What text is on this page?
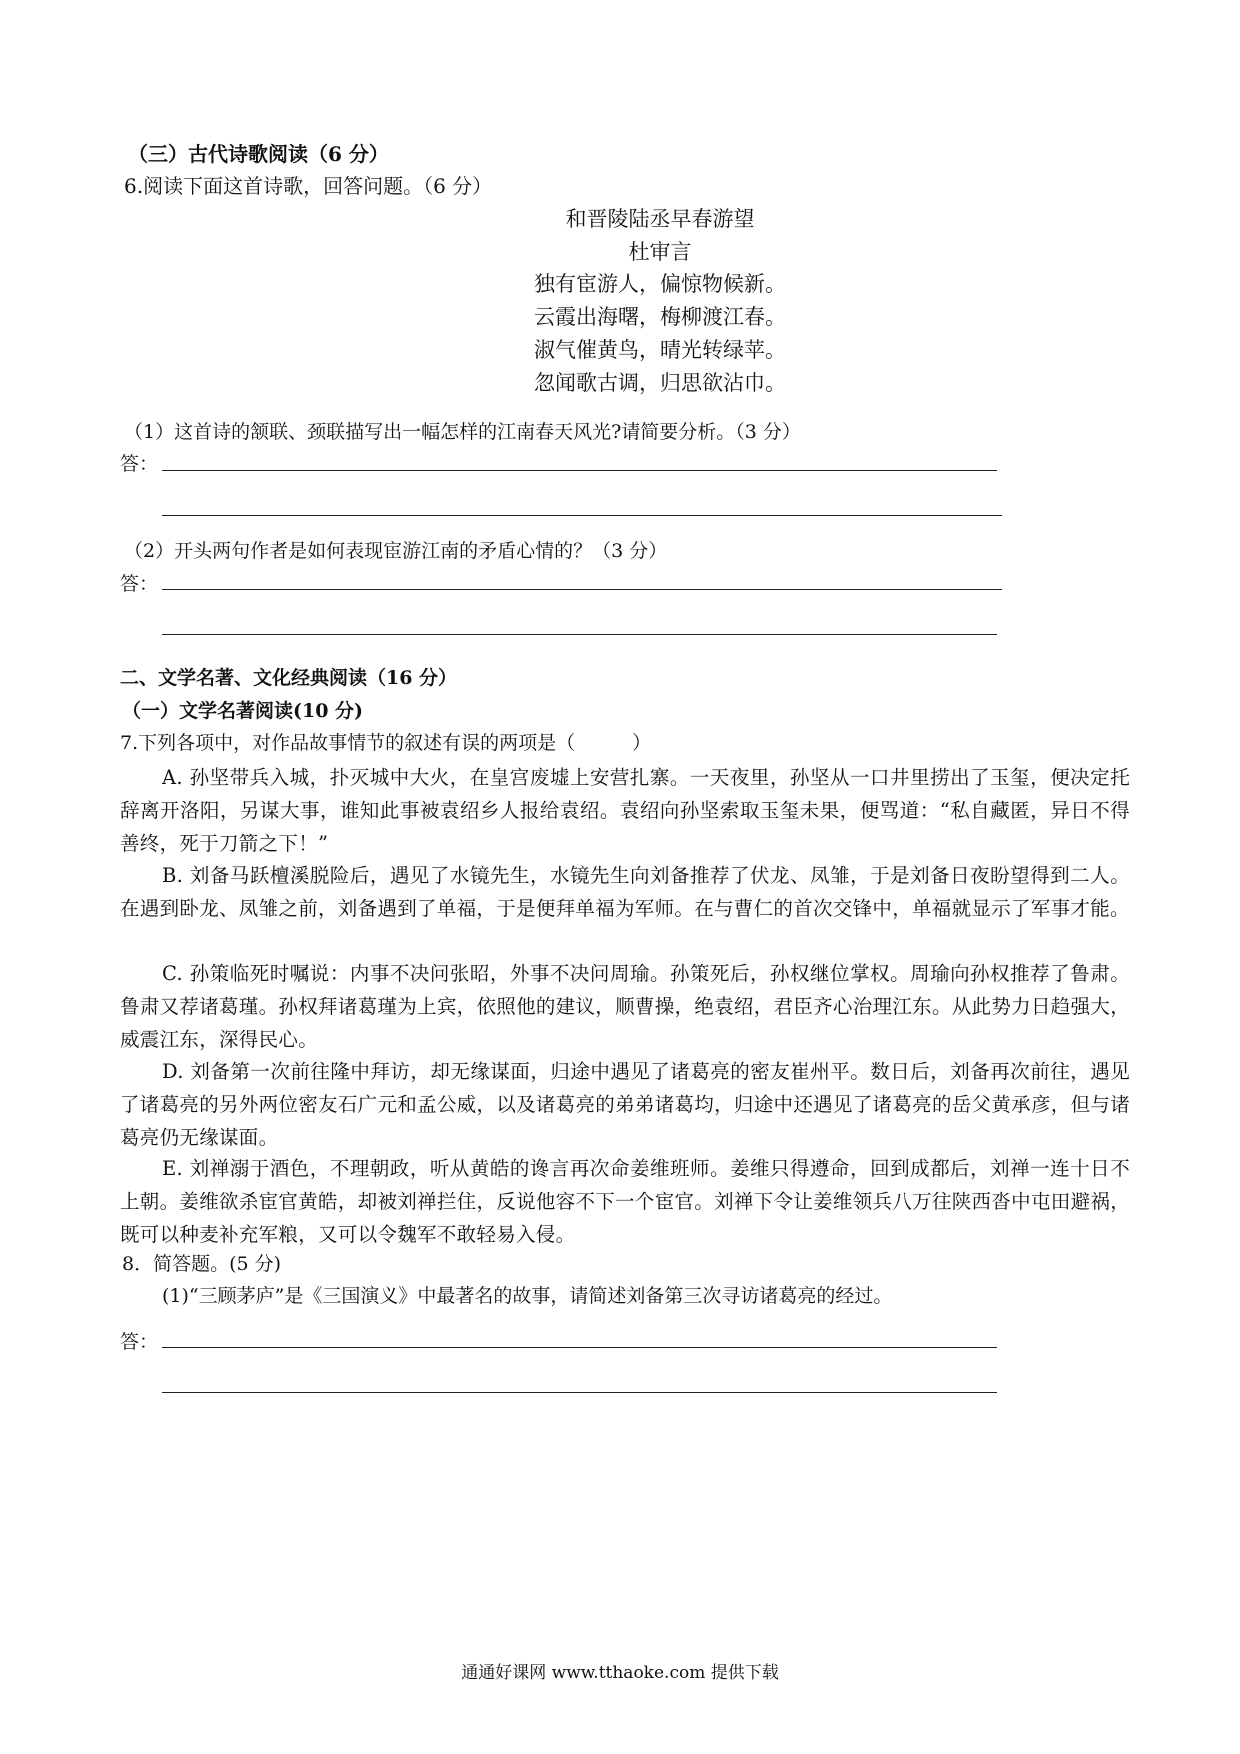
（三）古代诗歌阅读（6 分）
6.阅读下面这首诗歌，回答问题。（6 分）
和晋陵陆丞早春游望
杜审言
独有宦游人，偏惊物候新。
云霞出海曙，梅柳渡江春。
淑气催黄鸟，晴光转绿苹。
忽闻歌古调，归思欲沾巾。
（1）这首诗的颔联、颈联描写出一幅怎样的江南春天风光?请简要分析。（3 分）
答：
（2）开头两句作者是如何表现宦游江南的矛盾心情的？（3 分）
答：
二、文学名著、文化经典阅读（16 分）
（一）文学名著阅读(10 分)
7.下列各项中，对作品故事情节的叙述有误的两项是（　　　）
A. 孙坚带兵入城，扑灭城中大火，在皇宫废墟上安营扎寨。一天夜里，孙坚从一口井里捞出了玉玺，便决定托辞离开洛阳，另谋大事，谁知此事被袁绍乡人报给袁绍。袁绍向孙坚索取玉玺未果，便骂道：“私自藏匿，异日不得善终，死于刀箭之下！”
B. 刘备马跃檀溪脱险后，遇见了水镜先生，水镜先生向刘备推荐了伏龙、凤雏，于是刘备日夜盼望得到二人。在遇到卧龙、凤雏之前，刘备遇到了单福，于是便拜单福为军师。在与曹仁的首次交锋中，单福就显示了军事才能。
C. 孙策临死时嘱说：内事不决问张昭，外事不决问周瑜。孙策死后，孙权继位掌权。周瑜向孙权推荐了鲁肃。鲁肃又荐诸葛瑾。孙权拜诸葛瑾为上宾，依照他的建议，顺曹操，绝袁绍，君臣齐心治理江东。从此势力日趋强大，威震江东，深得民心。
D. 刘备第一次前往隆中拜访，却无缘谋面，归途中遇见了诸葛亮的密友崔州平。数日后，刘备再次前往，遇见了诸葛亮的另外两位密友石广元和孟公威，以及诸葛亮的弟弟诸葛均，归途中还遇见了诸葛亮的岳父黄承彦，但与诸葛亮仍无缘谋面。
E. 刘禅溺于酒色，不理朝政，听从黄皓的谗言再次命姜维班师。姜维只得遵命，回到成都后，刘禅一连十日不上朝。姜维欲杀宦官黄皓，却被刘禅拦住，反说他容不下一个宦官。刘禅下令让姜维领兵八万往陕西沓中屯田避祸，既可以种麦补充军粮，又可以令魏军不敢轻易入侵。
8．简答题。(5 分)
(1)“三顾茅庐”是《三国演义》中最著名的故事，请简述刘备第三次寻访诸葛亮的经过。
答：
通通好课网 www.tthaoke.com 提供下载
